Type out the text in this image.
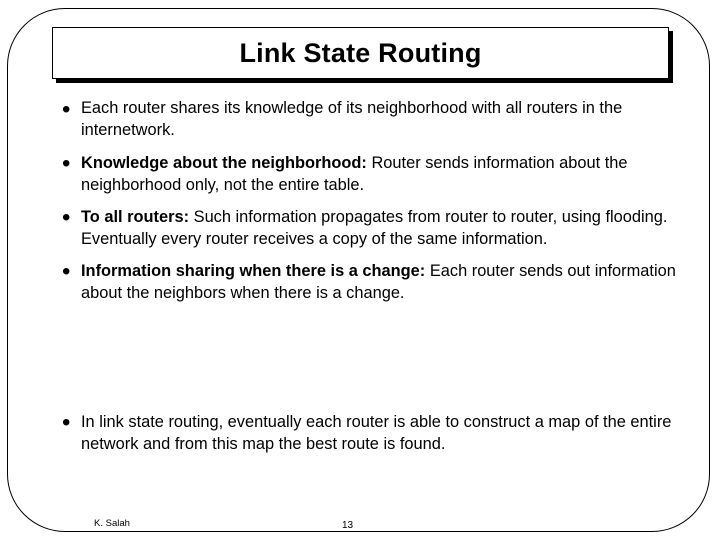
Link State Routing
• Each router shares its knowledge of its neighborhood with all routers in the internetwork.
• Knowledge about the neighborhood: Router sends information about the neighborhood only, not the entire table.
• To all routers: Such information propagates from router to router, using flooding. Eventually every router receives a copy of the same information.
• Information sharing when there is a change: Each router sends out information about the neighbors when there is a change.
• In link state routing, eventually each router is able to construct a map of the entire network and from this map the best route is found.
K. Salah	13
